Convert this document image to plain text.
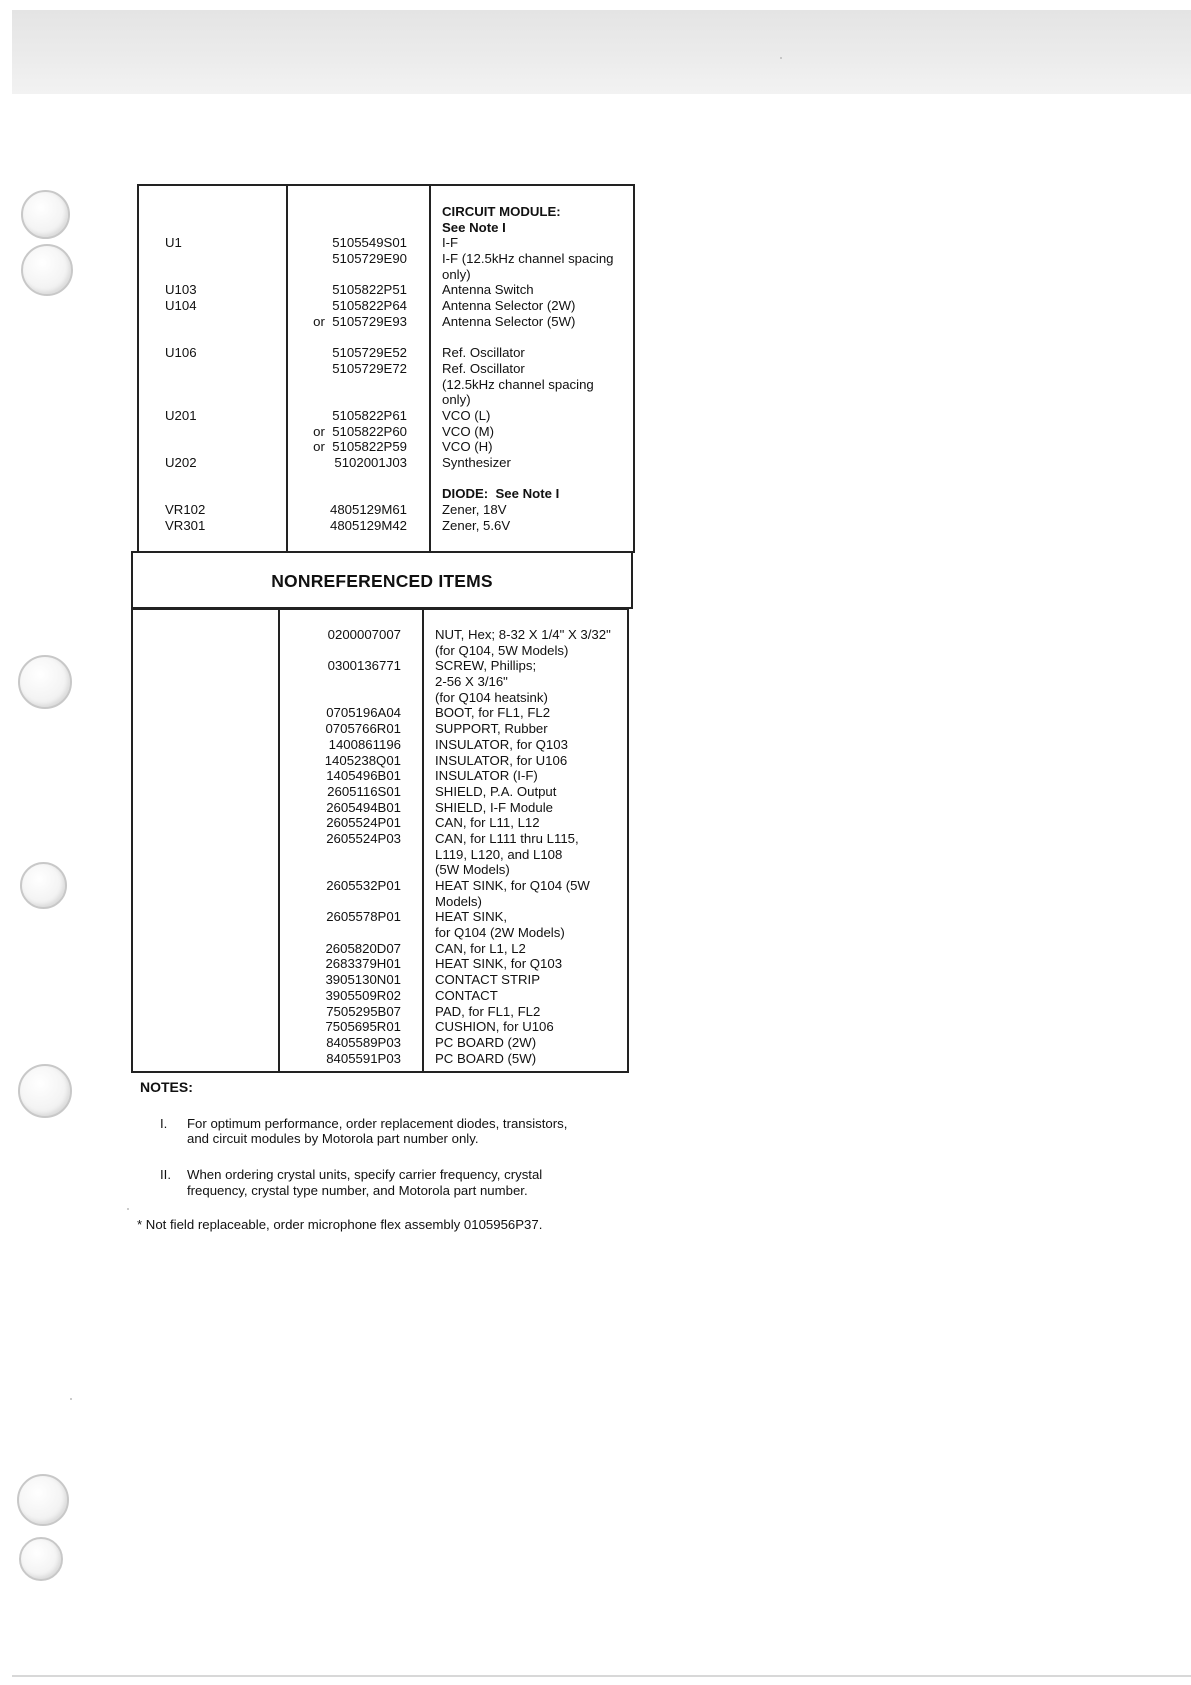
U1
U103
U104
U106
U201
U202
VR102
VR301
5105549S01
5105729E90
5105822P51
5105822P64
or  5105729E93
5105729E52
5105729E72
5105822P61
or  5105822P60
or  5105822P59
5102001J03
4805129M61
4805129M42
CIRCUIT MODULE:
See Note I
I-F
I-F (12.5kHz channel spacing
only)
Antenna Switch
Antenna Selector (2W)
Antenna Selector (5W)
Ref. Oscillator
Ref. Oscillator
(12.5kHz channel spacing
only)
VCO (L)
VCO (M)
VCO (H)
Synthesizer
DIODE:  See Note I
Zener, 18V
Zener, 5.6V
NONREFERENCED ITEMS
0200007007
0300136771
0705196A04
0705766R01
1400861196
1405238Q01
1405496B01
2605116S01
2605494B01
2605524P01
2605524P03
2605532P01
2605578P01
2605820D07
2683379H01
3905130N01
3905509R02
7505295B07
7505695R01
8405589P03
8405591P03
NUT, Hex; 8-32 X 1/4" X 3/32"
(for Q104, 5W Models)
SCREW, Phillips;
2-56 X 3/16"
(for Q104 heatsink)
BOOT, for FL1, FL2
SUPPORT, Rubber
INSULATOR, for Q103
INSULATOR, for U106
INSULATOR (I-F)
SHIELD, P.A. Output
SHIELD, I-F Module
CAN, for L11, L12
CAN, for L111 thru L115,
L119, L120, and L108
(5W Models)
HEAT SINK, for Q104 (5W
Models)
HEAT SINK,
for Q104 (2W Models)
CAN, for L1, L2
HEAT SINK, for Q103
CONTACT STRIP
CONTACT
PAD, for FL1, FL2
CUSHION, for U106
PC BOARD (2W)
PC BOARD (5W)
NOTES:
I. For optimum performance, order replacement diodes, transistors,
and circuit modules by Motorola part number only.
II. When ordering crystal units, specify carrier frequency, crystal
frequency, crystal type number, and Motorola part number.
* Not field replaceable, order microphone flex assembly 0105956P37.
